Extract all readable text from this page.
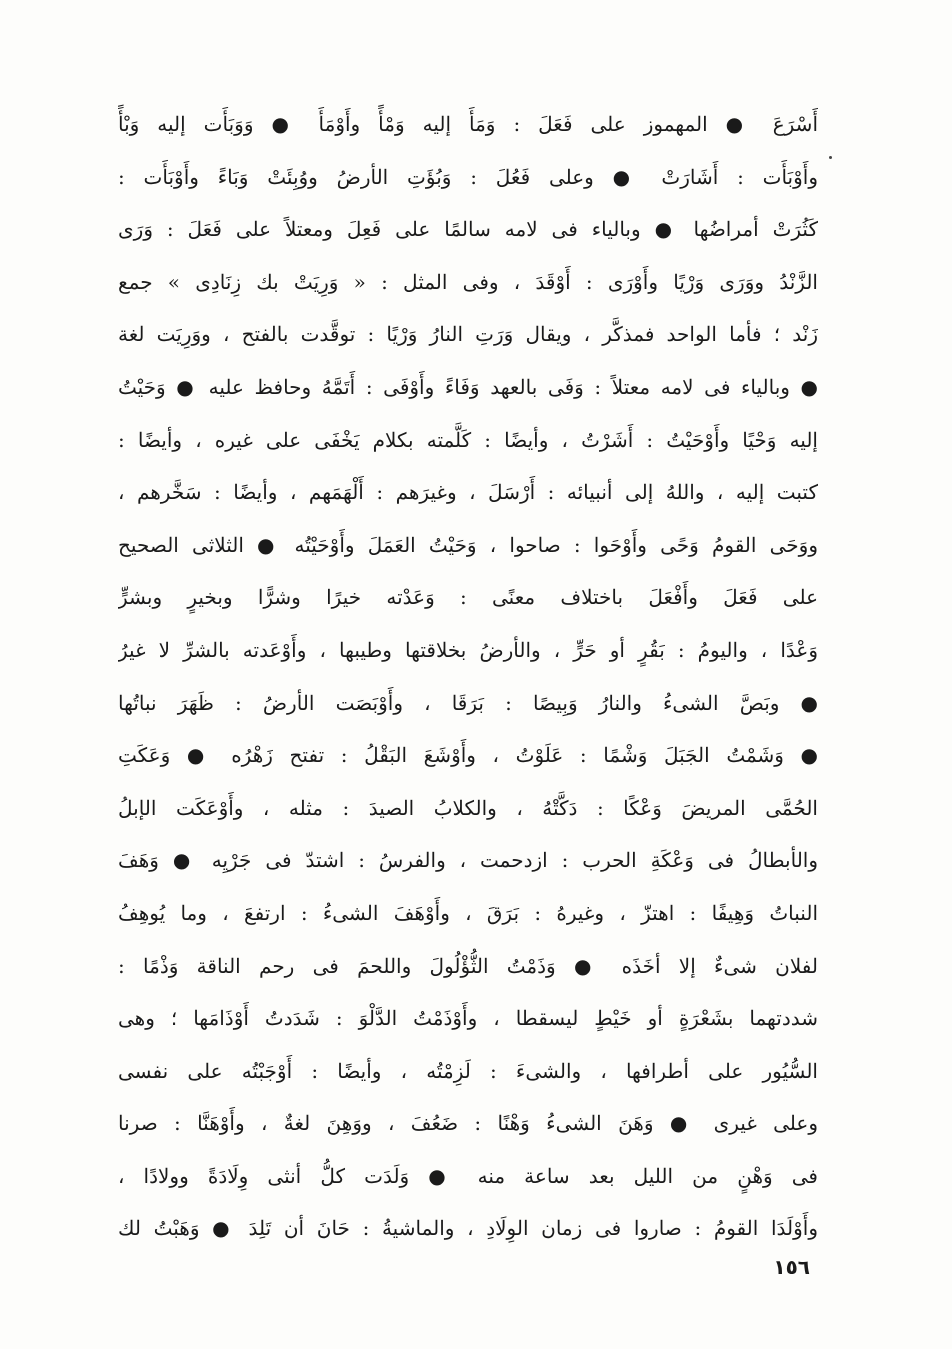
أَسْرَعَ ● المهموز على فَعَلَ : وَمَأَ إليه وَمْأً وأَوْمَأَ ● وَوَبَأَت إليه وَبْأً
وأَوْبَأَت : أَشَارَتْ ● وعلى فَعُلَ : وَبُؤَتِ الأرضُ ووُبِئَتْ وَبَاءً وأَوْبَأَت :
كَثُرَتْ أمراضُها ● وبالياء فى لامه سالمًا على فَعِلَ ومعتلاً على فَعَلَ : وَرَى
الزَّنْدُ ووَرَى وَرْيًا وأَوْرَى : أَوْقَدَ ، وفى المثل : « وَرِيَتْ بك زِنَادِى » جمع
زَنْد ؛ فأما الواحد فمذكَّر ، ويقال وَرَتِ النارُ وَرْيًا : توقَّدت بالفتح ، ووَرِيَت لغة
● وبالياء فى لامه معتلاً : وَفَى بالعهد وَفَاءً وأَوْفَى : أَتَمَّهُ وحافظ عليه ● وَحَيْتُ
إليه وَحْيًا وأَوْحَيْتُ : أَشَرْتُ ، وأيضًا : كَلَّمته بكلام يَخْفَى على غيره ، وأيضًا :
كتبت إليه ، واللهُ إلى أنبيائه : أَرْسَلَ ، وغيرَهم : أَلْهَمَهم ، وأيضًا : سَخَّرهم ،
ووَحَى القومُ وَحًى وأَوْحَوا : صاحوا ، وَحَيْتُ العَمَلَ وأَوْحَيْتُه ● الثلاثى الصحيح
على فَعَلَ وأَفْعَلَ باختلاف معنًى : وَعَدْته خيرًا وشرًّا وبخيرٍ وبشرٍّ
وَعْدًا ، واليومُ : بَقُرٍ أو حَرٍّ ، والأرضُ بخلاقتها وطيبها ، وأَوْعَدته بالشرِّ لا غيرُ
● وبَصَّ الشىءُ والنارُ وَبِيصًا : بَرَقَا ، وأَوْبَصَت الأرضُ : ظَهَرَ نباتُها
● وَشَمْتُ الجَبَلَ وَشْمًا : عَلَوْتُ ، وأَوْشَعَ البَقْلُ : تفتح زَهْرُه ● وَعَكَتِ
الحُمَّى المريضَ وَعْكًا : دَكَّتْهُ ، والكلابُ الصيدَ : مثله ، وأَوْعَكَت الإبلُ
والأبطالُ فى وَعْكَةِ الحرب : ازدحمت ، والفرسُ : اشتدّ فى جَرْيِه ● وَهَفَ
النباتُ وَهِيفًا : اهتزّ ، وغيرهُ : بَرَقَ ، وأَوْهَفَ الشىءُ : ارتفعَ ، وما يُوهِفُ
لفلان شىءٌ إلا أخَذَه ● وَذَمْتُ الثُّؤْلُولَ واللحمَ فى رحم الناقة وَذْمًا :
شددتهما بشَعْرَةٍ أو خَيْطٍ ليسقطا ، وأَوْذَمْتُ الدَّلْوَ : شَدَدتُ أَوْذَامَها ؛ وهى
السُّيُور على أطرافها ، والشىءَ : لَزِمْتُه ، وأيضًا : أَوْجَبْتُه على نفسى
وعلى غيرى ● وَهَنَ الشىءُ وَهْنًا : ضَعُفَ ، ووَهِنَ لغةٌ ، وأَوْهَنَّا : صرنا
فى وَهْنٍ من الليل بعد ساعة منه ● وَلَدَت كلُّ أنثى وِلَادَةً وولادًا ،
وأَوْلَدَا القومُ : صاروا فى زمان الوِلَادِ ، والماشيةُ : حَانَ أن تَلِدَ ● وَهَبْتُ لك
١٥٦
